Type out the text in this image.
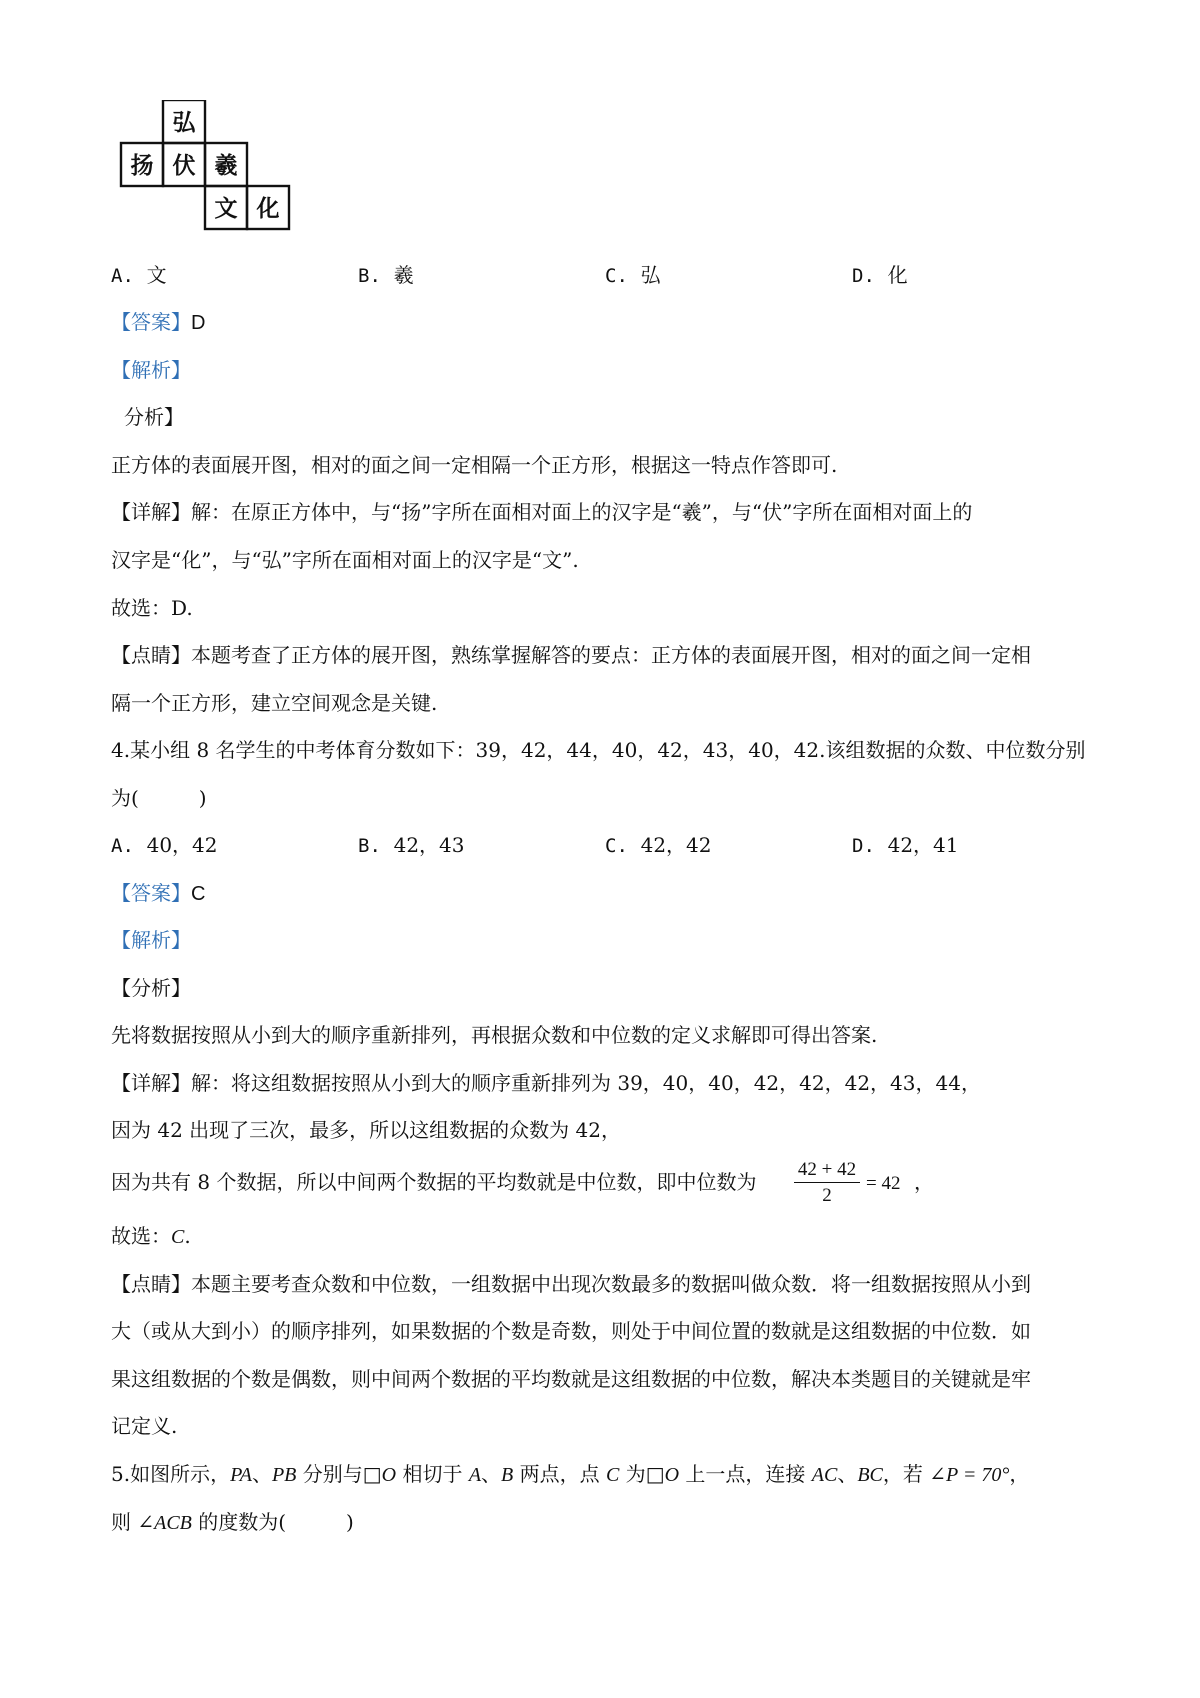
弘
扬 伏 羲
文 化
A. 文	B. 羲	C. 弘	D. 化
【答案】D
【解析】
分析】
正方体的表面展开图，相对的面之间一定相隔一个正方形，根据这一特点作答即可.
【详解】解：在原正方体中，与“扬”字所在面相对面上的汉字是“羲”，与“伏”字所在面相对面上的
汉字是“化”，与“弘”字所在面相对面上的汉字是“文”.
故选：D.
【点睛】本题考查了正方体的展开图，熟练掌握解答的要点：正方体的表面展开图，相对的面之间一定相
隔一个正方形，建立空间观念是关键.
4.某小组 8 名学生的中考体育分数如下：39，42，44，40，42，43，40，42.该组数据的众数、中位数分别
为(　　　)
A. 40，42	B. 42，43	C. 42，42	D. 42，41
【答案】C
【解析】
【分析】
先将数据按照从小到大的顺序重新排列，再根据众数和中位数的定义求解即可得出答案.
【详解】解：将这组数据按照从小到大的顺序重新排列为 39，40，40，42，42，42，43，44，
因为 42 出现了三次，最多，所以这组数据的众数为 42，
因为共有 8 个数据，所以中间两个数据的平均数就是中位数，即中位数为
42 + 42
2
= 42 ，
故选：C.
【点睛】本题主要考查众数和中位数，一组数据中出现次数最多的数据叫做众数．将一组数据按照从小到
大（或从大到小）的顺序排列，如果数据的个数是奇数，则处于中间位置的数就是这组数据的中位数．如
果这组数据的个数是偶数，则中间两个数据的平均数就是这组数据的中位数，解决本类题目的关键就是牢
记定义.
5.如图所示，PA、PB 分别与□O 相切于 A、B 两点，点 C 为□O 上一点，连接 AC、BC，若 ∠P = 70°，
则 ∠ACB 的度数为(　　　)
